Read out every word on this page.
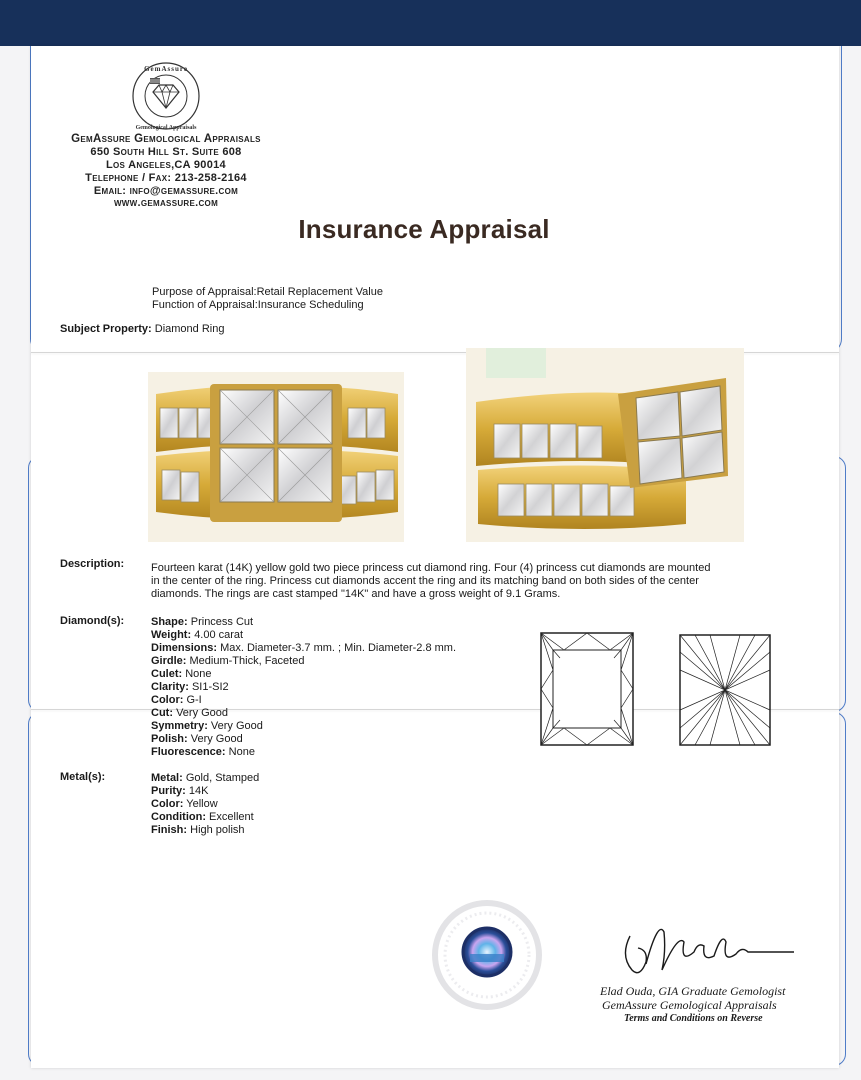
GemAssure
Gemological Appraisals
GemAssure Gemological Appraisals
650 South Hill St. Suite 608
Los Angeles,CA 90014
Telephone / Fax: 213-258-2164
Email: info@gemassure.com
www.gemassure.com
Insurance Appraisal
Purpose of Appraisal:Retail Replacement Value
Function of Appraisal:Insurance Scheduling
Subject Property: Diamond Ring
Description: Fourteen karat (14K) yellow gold two piece princess cut diamond ring. Four (4) princess cut diamonds are mounted
in the center of the ring. Princess cut diamonds accent the ring and its matching band on both sides of the center
diamonds. The rings are cast stamped "14K" and have a gross weight of 9.1 Grams.
Diamond(s): Shape: Princess Cut
Weight: 4.00 carat
Dimensions: Max. Diameter-3.7 mm. ; Min. Diameter-2.8 mm.
Girdle: Medium-Thick, Faceted
Culet: None
Clarity: SI1-SI2
Color: G-I
Cut: Very Good
Symmetry: Very Good
Polish: Very Good
Fluorescence: None
Metal(s):	Metal: Gold, Stamped
Purity: 14K
Color: Yellow
Condition: Excellent
Finish: High polish
Elad Ouda, GIA Graduate Gemologist
GemAssure Gemological Appraisals
Terms and Conditions on Reverse
